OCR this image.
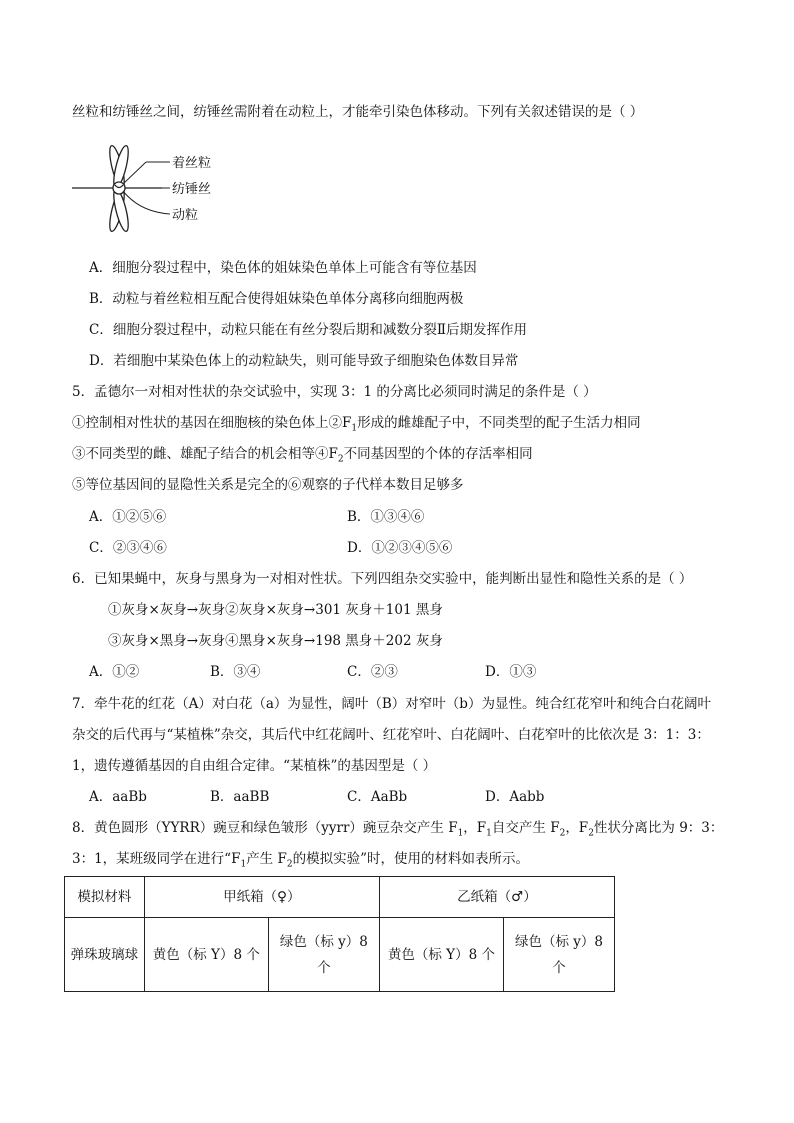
丝粒和纺锤丝之间，纺锤丝需附着在动粒上，才能牵引染色体移动。下列有关叙述错误的是（ ）
着丝粒
纺锤丝
动粒
A．细胞分裂过程中，染色体的姐妹染色单体上可能含有等位基因
B．动粒与着丝粒相互配合使得姐妹染色单体分离移向细胞两极
C．细胞分裂过程中，动粒只能在有丝分裂后期和减数分裂Ⅱ后期发挥作用
D．若细胞中某染色体上的动粒缺失，则可能导致子细胞染色体数目异常
5．孟德尔一对相对性状的杂交试验中，实现 3：1 的分离比必须同时满足的条件是（ ）
①控制相对性状的基因在细胞核的染色体上$②F_1$形成的雌雄配子中，不同类型的配子生活力相同
③不同类型的雌、雄配子结合的机会相等$④F_2$不同基因型的个体的存活率相同
⑤等位基因间的显隐性关系是完全的⑥观察的子代样本数目足够多
A．①②⑤⑥	B．①③④⑥
C．②③④⑥	D．①②③④⑤⑥
6．已知果蝇中，灰身与黑身为一对相对性状。下列四组杂交实验中，能判断出显性和隐性关系的是（ ）
①灰身×灰身→灰身②灰身×灰身→301 灰身＋101 黑身
③灰身×黑身→灰身④黑身×灰身→198 黑身＋202 灰身
A．①②	B．③④	C．②③	D．①③
7．牵牛花的红花（A）对白花（a）为显性，阔叶（B）对窄叶（b）为显性。纯合红花窄叶和纯合白花阔叶
杂交的后代再与“某植株”杂交，其后代中红花阔叶、红花窄叶、白花阔叶、白花窄叶的比依次是 3：1：3：
1，遗传遵循基因的自由组合定律。“某植株”的基因型是（ ）
A．aaBb	B．aaBB	C．AaBb	D．Aabb
8．黄色圆形（YYRR）豌豆和绿色皱形（yyrr）豌豆杂交产生 $F_1$，$F_1$自交产生 $F_2$，$F_2$性状分离比为 9：3：
3：1，某班级同学在进行“$F_1$产生 $F_2$的模拟实验”时，使用的材料如表所示。
模拟材料	甲纸箱（♀）		乙纸箱（♂）	
弹珠玻璃球	黄色（标 Y）8 个	绿色（标 y）8 个	黄色（标 Y）8 个	绿色（标 y）8 个
